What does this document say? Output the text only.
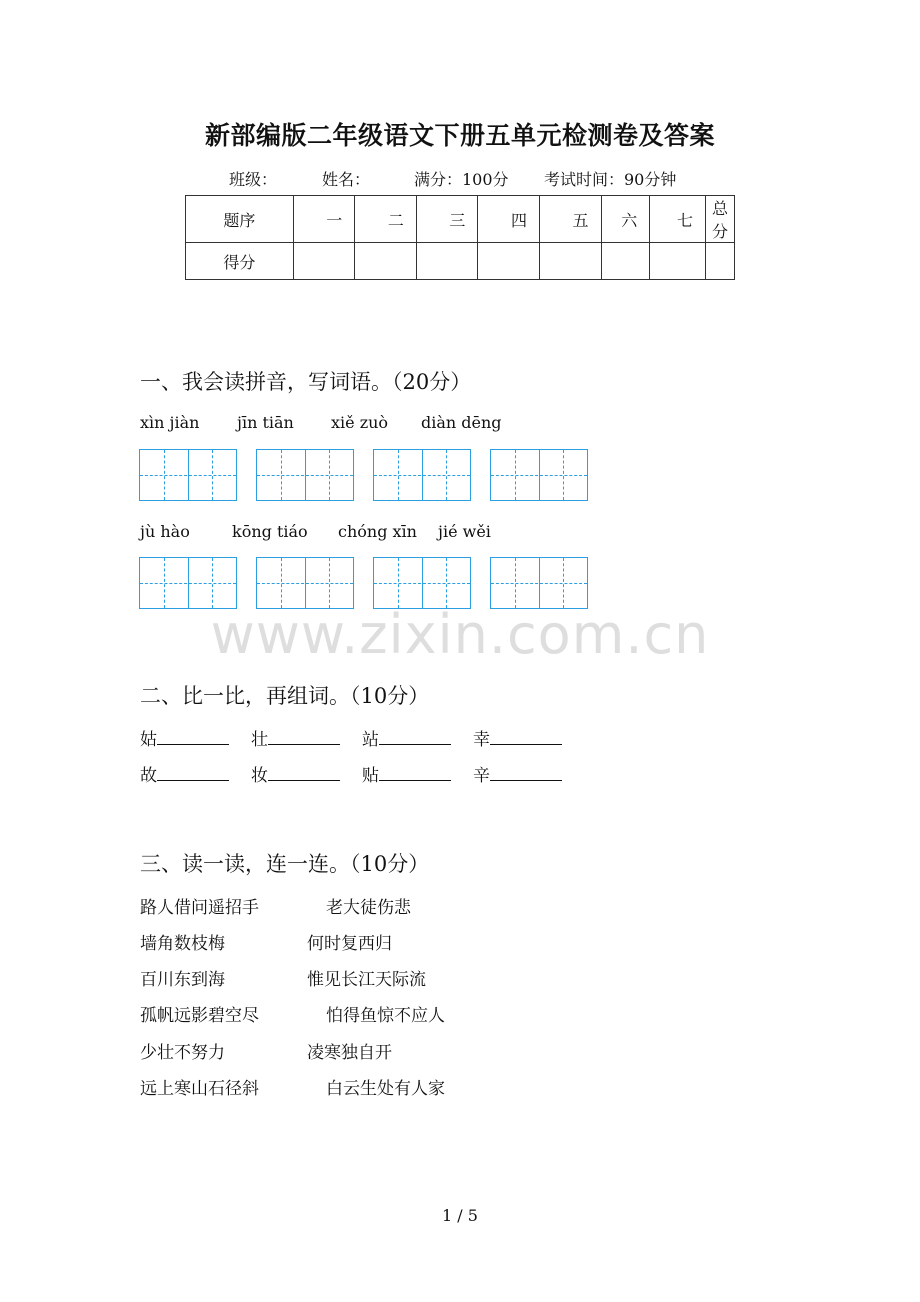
新部编版二年级语文下册五单元检测卷及答案
班级：	姓名：	满分：100分 考试时间：90分钟
题序	一	二	三	四	五	六	七	总分
得分								
一、我会读拼音，写词语。（20分）
xìn jiàn jīn tiān xiě zuò diàn dēng
jù hào	kōng tiáo chóng xīn jié wěi
www.zixin.com.cn
二、比一比，再组词。（10分）
姑	壮	站	幸
故	妆	贴	辛
三、读一读，连一连。（10分）
路人借问遥招手	老大徒伤悲
墙角数枝梅	何时复西归
百川东到海	惟见长江天际流
孤帆远影碧空尽	怕得鱼惊不应人
少壮不努力	凌寒独自开
远上寒山石径斜	白云生处有人家
1 / 5
